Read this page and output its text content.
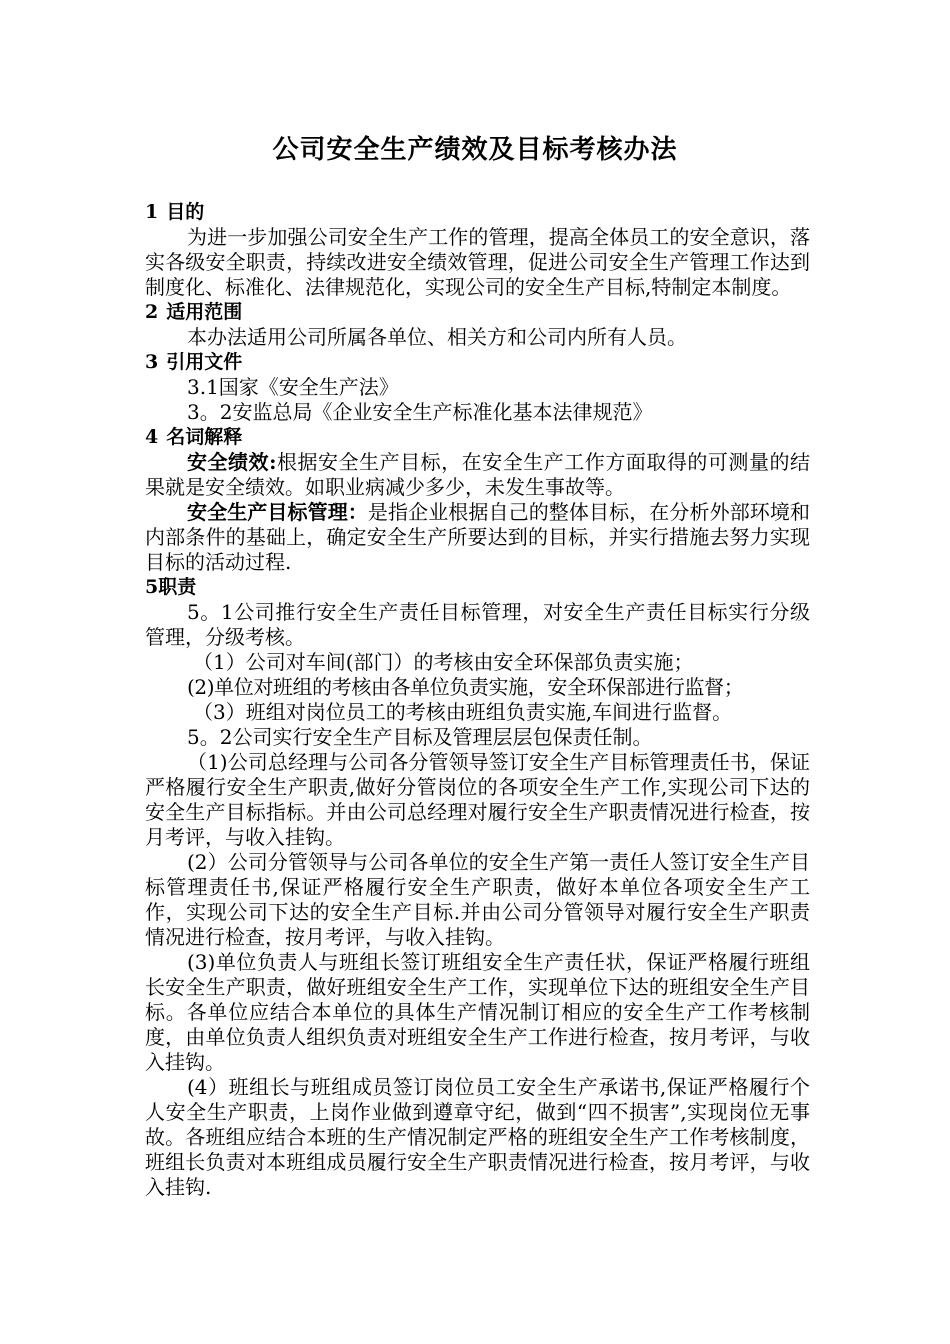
公司安全生产绩效及目标考核办法
1 目的

为进一步加强公司安全生产工作的管理，提高全体员工的安全意识，落实各级安全职责，持续改进安全绩效管理，促进公司安全生产管理工作达到制度化、标准化、法律规范化，实现公司的安全生产目标,特制定本制度。

2 适用范围

本办法适用公司所属各单位、相关方和公司内所有人员。

3 引用文件

3.1国家《安全生产法》

3。2安监总局《企业安全生产标准化基本法律规范》

4 名词解释

安全绩效:根据安全生产目标，在安全生产工作方面取得的可测量的结果就是安全绩效。如职业病减少多少，未发生事故等。

安全生产目标管理：是指企业根据自己的整体目标，在分析外部环境和内部条件的基础上，确定安全生产所要达到的目标，并实行措施去努力实现目标的活动过程.

5职责

5。1公司推行安全生产责任目标管理，对安全生产责任目标实行分级管理，分级考核。

（1）公司对车间(部门）的考核由安全环保部负责实施；

(2)单位对班组的考核由各单位负责实施，安全环保部进行监督；

（3）班组对岗位员工的考核由班组负责实施,车间进行监督。

5。2公司实行安全生产目标及管理层层包保责任制。

（1)公司总经理与公司各分管领导签订安全生产目标管理责任书，保证严格履行安全生产职责,做好分管岗位的各项安全生产工作,实现公司下达的安全生产目标指标。并由公司总经理对履行安全生产职责情况进行检查，按月考评，与收入挂钩。

(2）公司分管领导与公司各单位的安全生产第一责任人签订安全生产目标管理责任书,保证严格履行安全生产职责，做好本单位各项安全生产工作，实现公司下达的安全生产目标.并由公司分管领导对履行安全生产职责情况进行检查，按月考评，与收入挂钩。

(3)单位负责人与班组长签订班组安全生产责任状，保证严格履行班组长安全生产职责，做好班组安全生产工作，实现单位下达的班组安全生产目标。各单位应结合本单位的具体生产情况制订相应的安全生产工作考核制度，由单位负责人组织负责对班组安全生产工作进行检查，按月考评，与收入挂钩。

(4）班组长与班组成员签订岗位员工安全生产承诺书,保证严格履行个人安全生产职责，上岗作业做到遵章守纪，做到“四不损害”,实现岗位无事故。各班组应结合本班的生产情况制定严格的班组安全生产工作考核制度，班组长负责对本班组成员履行安全生产职责情况进行检查，按月考评，与收入挂钩.
